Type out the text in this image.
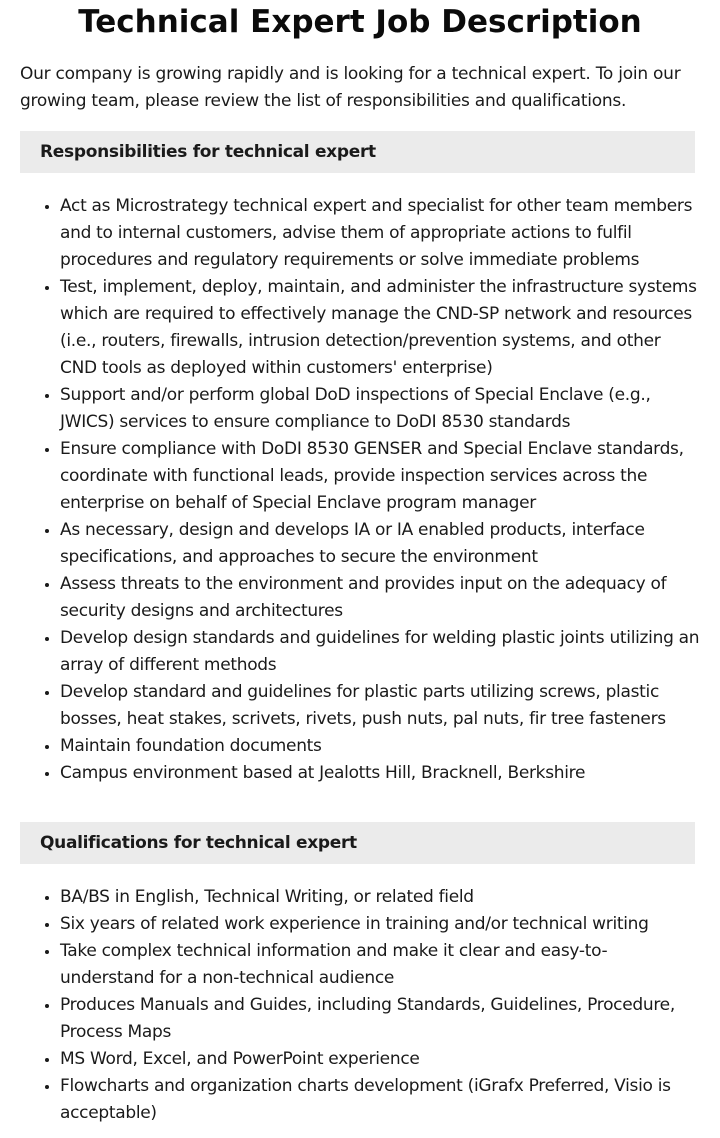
Technical Expert Job Description

Our company is growing rapidly and is looking for a technical expert. To join our growing team, please review the list of responsibilities and qualifications.

Responsibilities for technical expert
• Act as Microstrategy technical expert and specialist for other team members and to internal customers, advise them of appropriate actions to fulfil procedures and regulatory requirements or solve immediate problems
• Test, implement, deploy, maintain, and administer the infrastructure systems which are required to effectively manage the CND-SP network and resources (i.e., routers, firewalls, intrusion detection/prevention systems, and other CND tools as deployed within customers' enterprise)
• Support and/or perform global DoD inspections of Special Enclave (e.g., JWICS) services to ensure compliance to DoDI 8530 standards
• Ensure compliance with DoDI 8530 GENSER and Special Enclave standards, coordinate with functional leads, provide inspection services across the enterprise on behalf of Special Enclave program manager
• As necessary, design and develops IA or IA enabled products, interface specifications, and approaches to secure the environment
• Assess threats to the environment and provides input on the adequacy of security designs and architectures
• Develop design standards and guidelines for welding plastic joints utilizing an array of different methods
• Develop standard and guidelines for plastic parts utilizing screws, plastic bosses, heat stakes, scrivets, rivets, push nuts, pal nuts, fir tree fasteners
• Maintain foundation documents
• Campus environment based at Jealotts Hill, Bracknell, Berkshire
Qualifications for technical expert
• BA/BS in English, Technical Writing, or related field
• Six years of related work experience in training and/or technical writing
• Take complex technical information and make it clear and easy-to-understand for a non-technical audience
• Produces Manuals and Guides, including Standards, Guidelines, Procedure, Process Maps
• MS Word, Excel, and PowerPoint experience
• Flowcharts and organization charts development (iGrafx Preferred, Visio is acceptable)
